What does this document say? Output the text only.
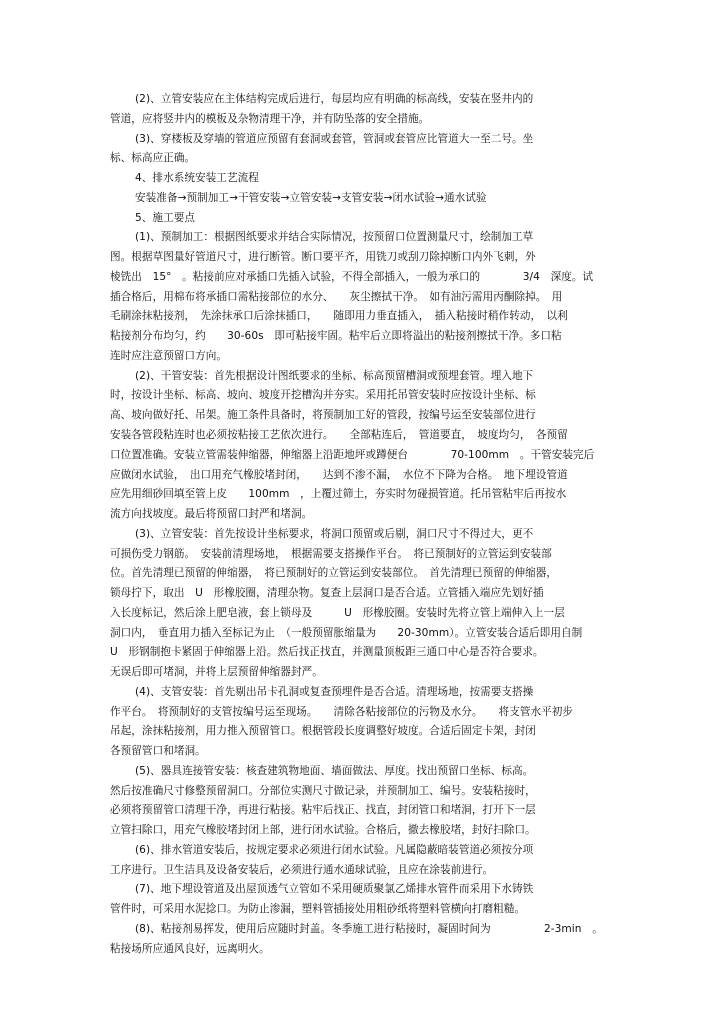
(2)、立管安装应在主体结构完成后进行，每层均应有明确的标高线，安装在竖井内的
管道，应将竖井内的模板及杂物清理干净，并有防坠落的安全措施。
(3)、穿楼板及穿墙的管道应预留有套洞或套管，管洞或套管应比管道大一至二号。坐
标、标高应正确。
4、排水系统安装工艺流程
安装准备→预制加工→干管安装→立管安装→支管安装→闭水试验→通水试验
5、施工要点
(1)、预制加工：根据图纸要求并结合实际情况，按预留口位置测量尺寸，绘制加工草
图。根据草图量好管道尺寸，进行断管。断口要平齐，用铣刀或刮刀除掉断口内外飞刺，外
棱铣出　15°　。粘接前应对承插口先插入试验，不得全部插入，一般为承口的　　　　3/4　深度。试
插合格后，用棉布将承插口需粘接部位的水分、　　灰尘擦拭干净。　如有油污需用丙酮除掉。　用
毛刷涂抹粘接剂，　先涂抹承口后涂抹插口，　　随即用力垂直插入，　插入粘接时稍作转动，　以利
粘接剂分布均匀，约　　30-60s　即可粘接牢固。粘牢后立即将溢出的粘接剂擦拭干净。多口粘
连时应注意预留口方向。
(2)、干管安装：首先根据设计图纸要求的坐标、标高预留槽洞或预埋套管。埋入地下
时，按设计坐标、标高、坡向、坡度开挖槽沟并夯实。采用托吊管安装时应按设计坐标、标
高、坡向做好托、吊架。施工条件具备时，将预制加工好的管段，按编号运至安装部位进行
安装各管段粘连时也必须按粘接工艺依次进行。　　全部粘连后，　管道要直，　坡度均匀，　各预留
口位置准确。安装立管需装伸缩器，伸缩器上沿距地坪或蹲便台　　　　70-100mm　。干管安装完后
应做闭水试验，　出口用充气橡胶堵封闭，　　达到不渗不漏，　水位不下降为合格。　地下埋设管道
应先用细砂回填至管上皮　　100mm　，上覆过筛土，夯实时勿碰损管道。托吊管粘牢后再按水
流方向找坡度。最后将预留口封严和堵洞。
(3)、立管安装：首先按设计坐标要求，将洞口预留或后剔，洞口尺寸不得过大，更不
可损伤受力钢筋。　安装前清理场地，　根据需要支搭操作平台。　将已预制好的立管运到安装部
位。首先清理已预留的伸缩器，　将已预制好的立管运到安装部位。　首先清理已预留的伸缩器，
锁母拧下，取出　U　形橡胶圈，清理杂物。复查上层洞口是否合适。立管插入端应先划好插
入长度标记，然后涂上肥皂液，套上锁母及　　　U　形橡胶圈。安装时先将立管上端伸入上一层
洞口内，　垂直用力插入至标记为止　（一般预留胀缩量为　　20-30mm）。立管安装合适后即用自制
U　形钢制抱卡紧固于伸缩器上沿。然后找正找直，并测量顶板距三通口中心是否符合要求。
无误后即可堵洞，并将上层预留伸缩器封严。
(4)、支管安装：首先剔出吊卡孔洞或复查预埋件是否合适。清理场地，按需要支搭操
作平台。　将预制好的支管按编号运至现场。　　清除各粘接部位的污物及水分。　　将支管水平初步
吊起，涂抹粘接剂，用力推入预留管口。根据管段长度调整好坡度。合适后固定卡架，封闭
各预留管口和堵洞。
(5)、器具连接管安装：核查建筑物地面、墙面做法、厚度。找出预留口坐标、标高。
然后按准确尺寸修整预留洞口。分部位实测尺寸做记录，并预制加工、编号。安装粘接时，
必须将预留管口清理干净，再进行粘接。粘牢后找正、找直，封闭管口和堵洞，打开下一层
立管扫除口，用充气橡胶堵封闭上部，进行闭水试验。合格后，撤去橡胶堵，封好扫除口。
(6)、排水管道安装后，按规定要求必须进行闭水试验。凡属隐蔽暗装管道必须按分项
工序进行。卫生洁具及设备安装后，必须进行通水通球试验，且应在涂装前进行。
(7)、地下埋设管道及出屋顶透气立管如不采用硬质聚氯乙烯排水管件而采用下水铸铁
管件时，可采用水泥捻口。为防止渗漏，塑料管插接处用粗砂纸将塑料管横向打磨粗糙。
(8)、粘接剂易挥发，使用后应随时封盖。冬季施工进行粘接时，凝固时间为　　　　　2-3min　。
粘接场所应通风良好，远离明火。
